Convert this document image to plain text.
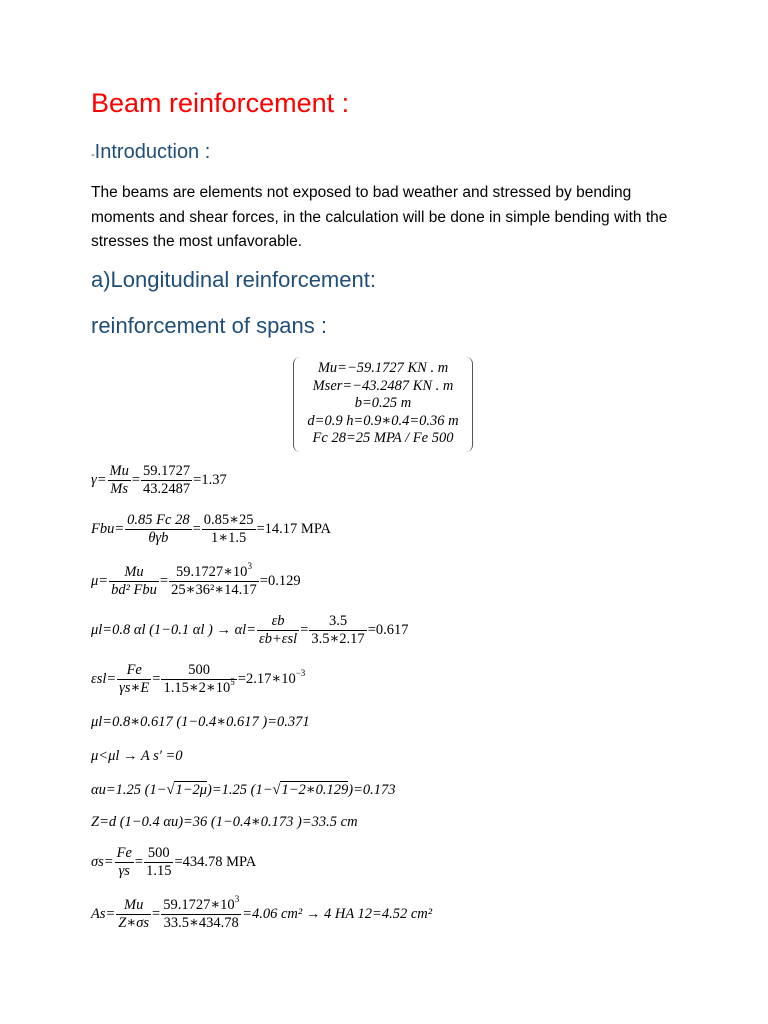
Beam reinforcement :
-Introduction :
The beams are elements not exposed to bad weather and stressed by bending moments and shear forces, in the calculation will be done in simple bending with the stresses the most unfavorable.
a)Longitudinal reinforcement:
reinforcement of spans :
Mu=−59.1727 KN . m
Mser=−43.2487 KN . m
b=0.25 m
d=0.9 h=0.9∗0.4=0.36 m
Fc 28=25 MPA / Fe 500
$\gamma= \frac{Mu}{Ms} = \frac{59.1727}{43.2487} =1.37$
$Fbu= \frac{0.85 Fc 28}{\text{θγb}} = \frac{0.85∗25}{1∗1.5} =14.17$ MPA
$\mu= \frac{Mu}{\text{bd² Fbu}} = \frac{59.1727∗10^3}{\text{25∗36²∗14.17}} =0.129$
μl=0.8 αl (1−0.1 αl ) → $\alpha l= \frac{\varepsilon b}{\text{εb+εsl}} = \frac{3.5}{3.5∗2.17} =0.617$
$\varepsilon sl= \frac{Fe}{\gamma s∗E} = \frac{500}{1.15∗2∗10^5}$ $=2.17∗10^{-3}$
μl=0.8∗0.617 (1−0.4∗0.617 )=0.371
μ<μl → A s′ =0
αu=1.25 (1−√1−2μ)=1.25 (1−√1−2∗0.129)=0.173
Z=d (1−0.4 αu)=36 (1−0.4∗0.173 )=33.5 cm
$\sigma s= \frac{Fe}{\gamma s} = \frac{500}{1.15} =434.78$ MPA
$As= \frac{Mu}{Z∗\sigma s} = \frac{59.1727∗10^3}{33.5∗434.78} =4.06$ cm² → 4 HA 12=4.52 cm²
